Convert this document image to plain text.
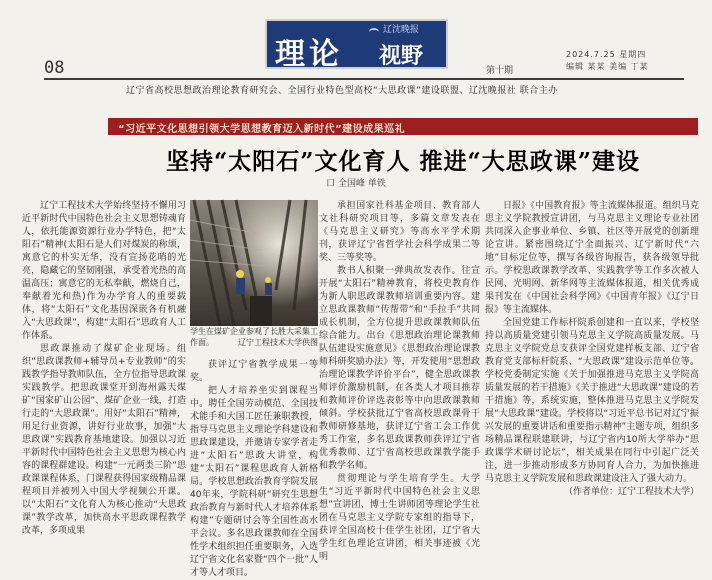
08	理论
辽沈晚报
视野
第十期
2024.7.25 星期四
编辑 某某 美编 丁某
辽宁省高校思想政治理论教育研究会、全国行业特色型高校“大思政课”建设联盟、辽沈晚报社 联合主办
“习近平文化思想引领大学思想教育迈入新时代”建设成果巡礼
坚持“太阳石”文化育人 推进“大思政课”建设
口 全国峰 单铁

辽宁工程技术大学始终坚持不懈用习近平新时代中国特色社会主义思想铸魂育人，依托能源资源行业办学特色，把“太阳石”精神(太阳石是人们对煤炭的称颂，寓意它的朴实无华，没有宣扬花哨的光亮，隐藏它的坚韧刚强，承受着光热的高温高压；寓意它的无私奉献，燃烧自己，奉献着光和热)作为办学育人的重要载体，将“太阳石”文化基因深嵌各有机融入“大思政课”，构建“太阳石”思政育人工作体系。

思政课推动了煤矿企业现场。组织“思政课教师+辅导员+专业教师”的实践教学指导教师队伍，全方位指导思政课实践教学。把思政课堂开到海州露天煤矿“国家矿山公园”、煤矿企业一线，打造行走的“大思政课”。用好“太阳石”精神，用足行业资源，讲好行业故事，加强“大思政课”实践教育基地建设。加强以习近平新时代中国特色社会主义思想为核心内容的课程群建设。构建“一元两类三阶”思政课课程体系，门课程获得国家级精品课程项目并被列入中国大学视频公开课。以“太阳石”文化育人为核心推动“大思政课”教学改革，加快高水平思政课程教学改革，多项成果

学生在煤矿企业参观了长胜大采集工作面。	辽宁工程技术大学供图

获评辽宁省教学成果一等奖。

把人才培养坐实到课程当中。聘任全国劳动模范、全国技术能手和大国工匠任兼职教授，指导马克思主义理论学科建设和思政课建设，并邀请专家学者走进“太阳石”思政大讲堂，构建“太阳石”课程思政育人新格局。学校思想政治教育学院发展40年来，学院科研“研究生思想政治教育与新时代人才培养体系构建”专题研讨会等全国性高水平会议。多名思政课教师在全国性学术组织担任重要职务，入选辽宁省文化名家暨“四个一批”人才等人才项目。

承担国家社科基金项目、教育部人文社科研究项目等，多篇文章发表在《马克思主义研究》等高水平学术期刊，获评辽宁省哲学社会科学成果二等奖、三等奖等。

教书人积聚一弹典故发表作。往宣开展“太阳石”精神教育，将校史教育作为新人职思政课教师培训重要内容。建立思政课教师“传帮带”和“手拉手”共同成长机制，全方位提升思政课教师队伍综合能力。出台《思想政治理论课教师队伍建设实施意见》《思想政治理论课教师科研奖励办法》等，开发使用“思想政治理论课教学评价平台”，健全思政课教师评价激励机制，在各类人才项目推荐和教师评价评选表彰等中向思政课教师倾斜。学校获批辽宁省高校思政课骨干教师研修基地，获评辽宁省工会工作优秀工作室，多名思政课教师获评辽宁省优秀教师、辽宁省高校思政课教学能手和教学名师。

贯彻理论与学生培育学生。大学生“习近平新时代中国特色社会主义思想”宣讲团、博士生讲师团等理论学生社团在马克思主义学院专家组的指导下，获评全国高校十佳学生社团，辽宁省大学生红色理论宣讲团，相关事迹被《光明

日报》《中国教育报》等主流媒体报道。组织马克思主义学院教授宣讲团，与马克思主义理论专业社团共同深入企事业单位、乡镇、社区等开展党的创新理论宣讲。紧密围绕辽宁全面振兴、辽宁新时代“六地”目标定位等，撰写各级咨询报告，获各级领导批示。学校思政课教学改革、实践教学等工作多次被人民网、光明网、新华网等主流媒体报道，相关优秀成果刊发在《中国社会科学网》《中国青年报》《辽宁日报》等主流媒体。

全国党建工作标杆院系创建和一直以来，学校坚持以高质量党建引领马克思主义学院高质量发展。马克思主义学院党总支获评全国党建样板支部、辽宁省教育党支部标杆院系、“大思政课”建设示范单位等。学校党委制定实施《关于加强推进马克思主义学院高质量发展的若干措施》《关于推进“大思政课”建设的若干措施》等，系统实施，整体推进马克思主义学院发展“大思政课”建设。学校将以“习近平总书记对辽宁振兴发展的重要讲话和重要指示精神”主题专项，组织多场精品课程联建联讲，与辽宁省内10所大学举办“思政课学术研讨论坛”，相关成果在同行中引起广泛关注，进一步推动形成多方协同育人合力，为加快推进马克思主义学院发展和思政课建设注入了强大动力。

（作者单位：辽宁工程技术大学）
